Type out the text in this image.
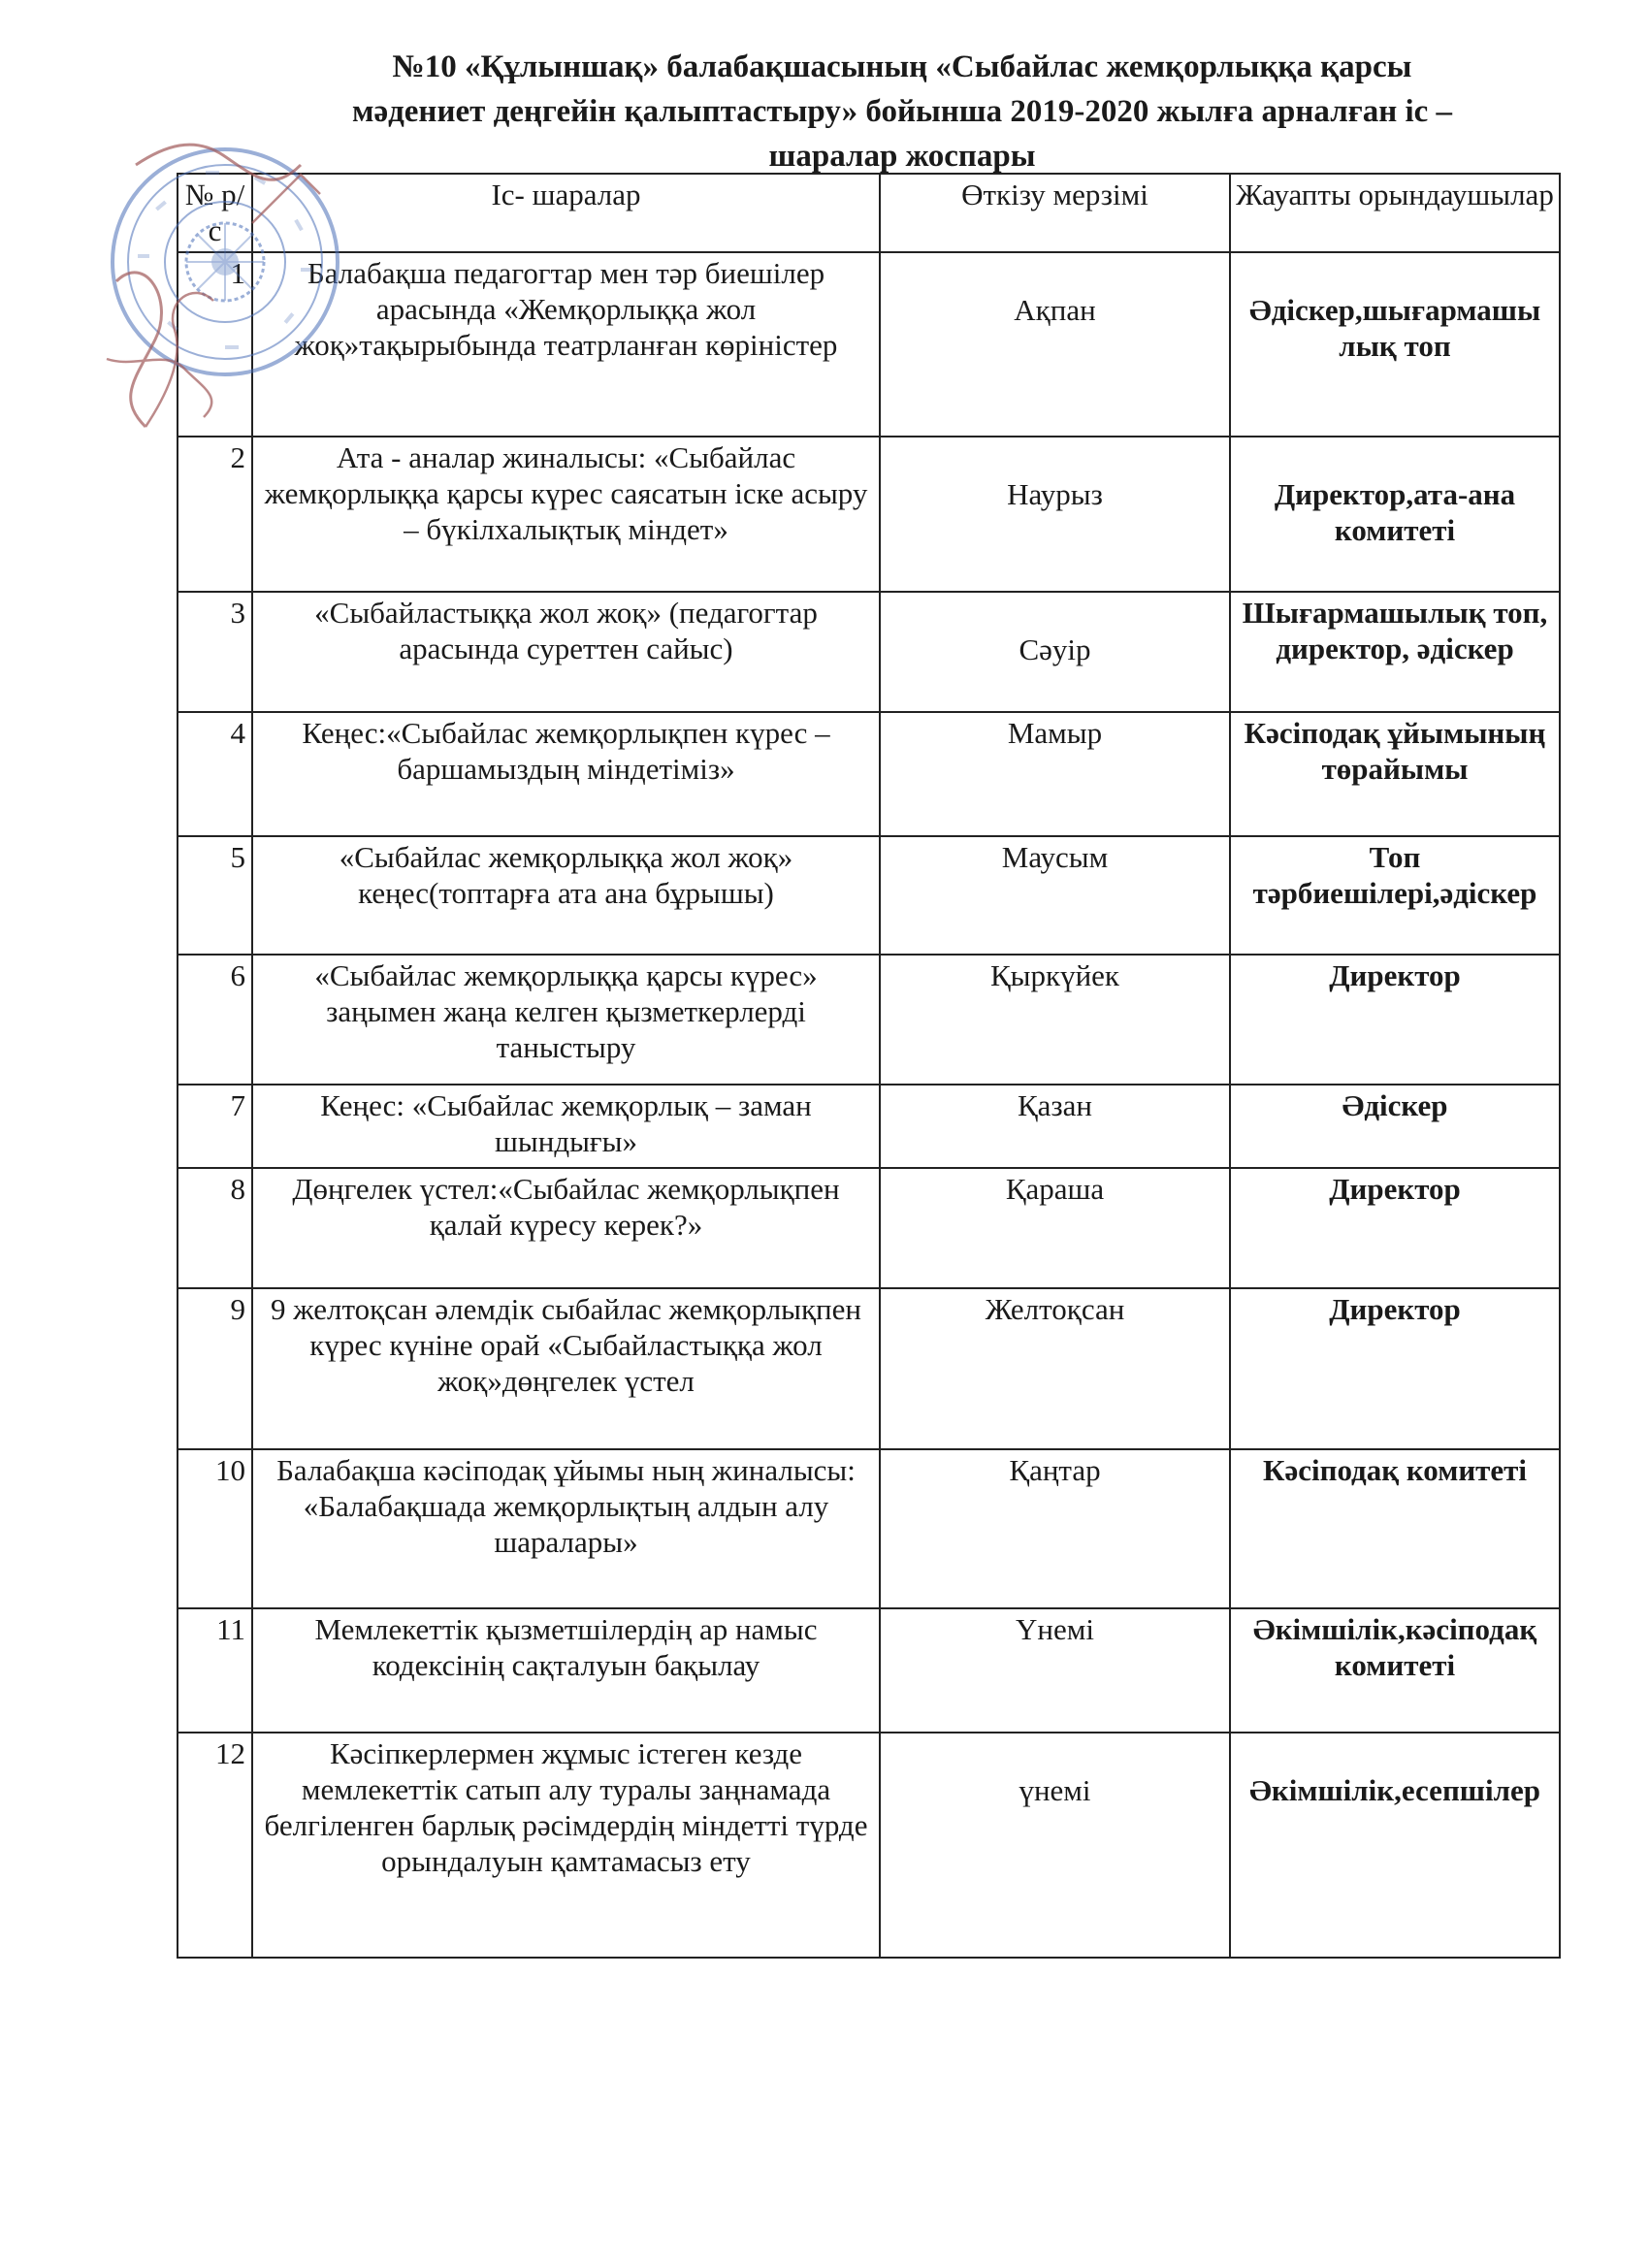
№10 «Құлыншақ» балабақшасының «Сыбайлас жемқорлыққа қарсы
мәдениет деңгейін қалыптастыру» бойынша 2019-2020 жылға арналған іс –
шаралар жоспары
№ р/с	Іс- шаралар	Өткізу мерзімі	Жауапты орындаушылар
1	Балабақша педагогтар мен тәр биешілер арасында «Жемқорлыққа жол жоқ»тақырыбында театрланған көріністер	Ақпан	Әдіскер,шығармашы лық топ
2	Ата - аналар жиналысы: «Сыбайлас жемқорлыққа қарсы күрес саясатын іске асыру – бүкілхалықтық міндет»	Наурыз	Директор,ата-ана комитеті
3	«Сыбайластыққа жол жоқ» (педагогтар арасында суреттен сайыс)	Сәуір	Шығармашылық топ, директор, әдіскер
4	Кеңес:«Сыбайлас жемқорлықпен күрес – баршамыздың міндетіміз»	Мамыр	Кәсіподақ ұйымының төрайымы
5	«Сыбайлас жемқорлыққа жол жоқ» кеңес(топтарға ата ана бұрышы)	Маусым	Топ тәрбиешілері,әдіскер
6	«Сыбайлас жемқорлыққа қарсы күрес» заңымен жаңа келген қызметкерлерді таныстыру	Қыркүйек	Директор
7	Кеңес: «Сыбайлас жемқорлық – заман шындығы»	Қазан	Әдіскер
8	Дөңгелек үстел:«Сыбайлас жемқорлықпен қалай күресу керек?»	Қараша	Директор
9	9 желтоқсан әлемдік сыбайлас жемқорлықпен күрес күніне орай «Сыбайластыққа жол жоқ»дөңгелек үстел	Желтоқсан	Директор
10	Балабақша кәсіподақ ұйымы ның жиналысы: «Балабақшада жемқорлықтың алдын алу шаралары»	Қаңтар	Кәсіподақ комитеті
11	Мемлекеттік қызметшілердің ар намыс кодексінің сақталуын бақылау	Үнемі	Әкімшілік,кәсіподақ комитеті
12	Кәсіпкерлермен жұмыс істеген кезде мемлекеттік сатып алу туралы заңнамада белгіленген барлық рәсімдердің міндетті түрде орындалуын қамтамасыз ету	үнемі	Әкімшілік,есепшілер
